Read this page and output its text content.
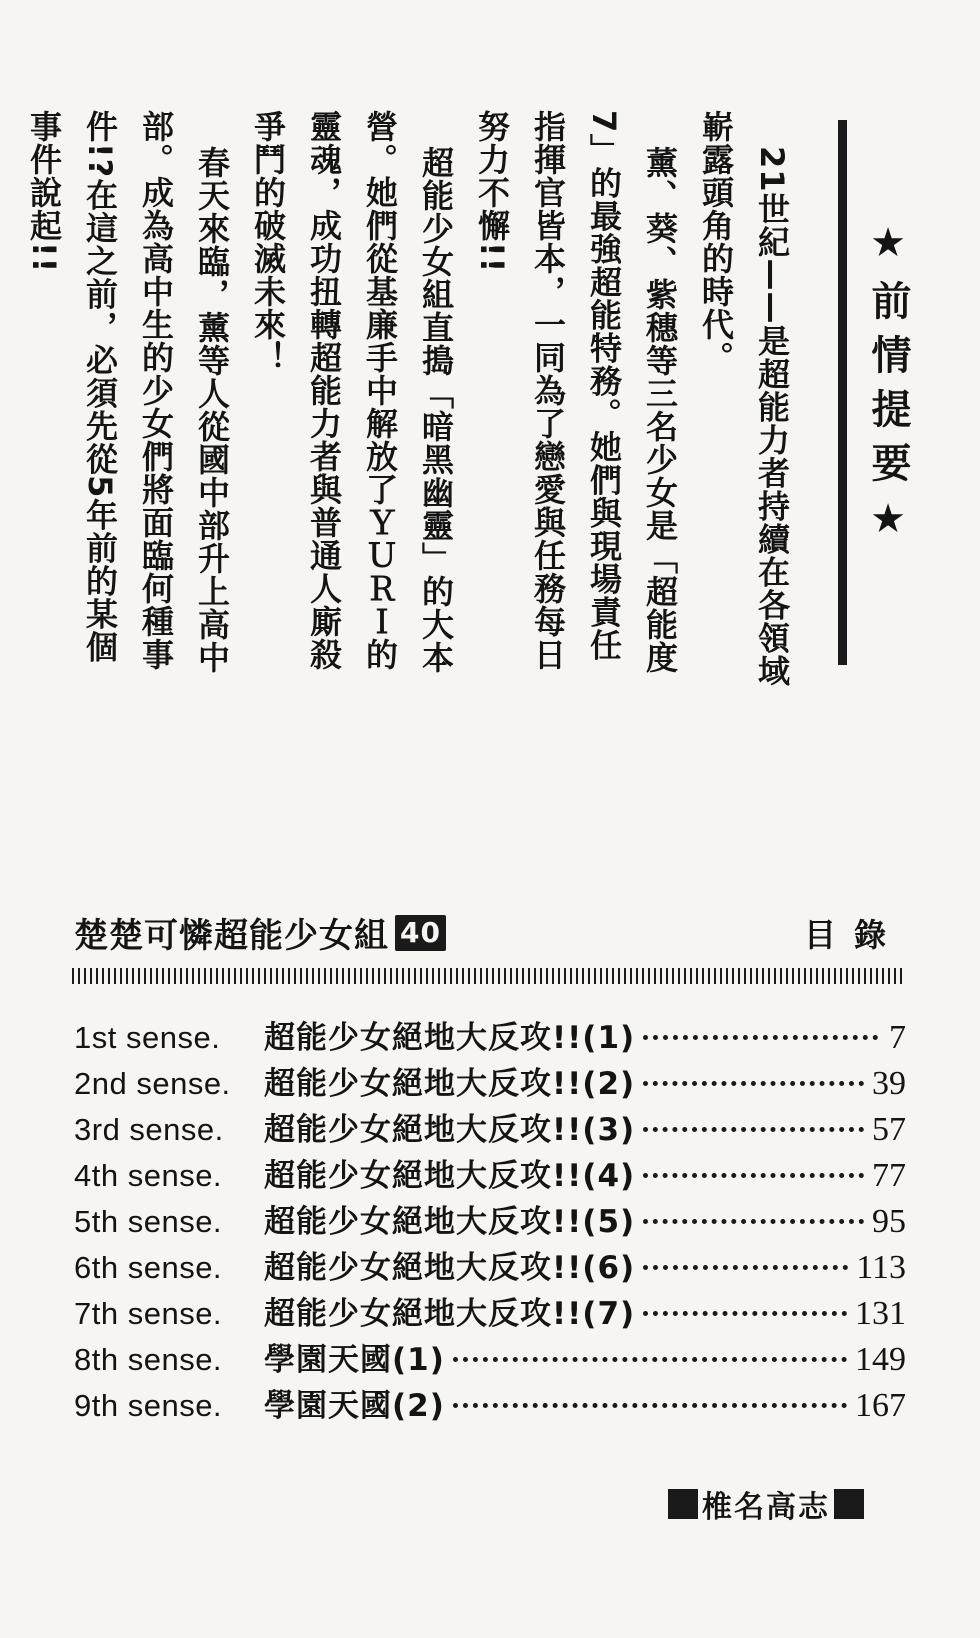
★前情提要★
21世紀——是超能力者持續在各領域
嶄露頭角的時代。
薰、葵、紫穗等三名少女是「超能度
7」的最強超能特務。她們與現場責任
指揮官皆本，一同為了戀愛與任務每日
努力不懈!!
超能少女組直搗「暗黑幽靈」的大本
營。她們從基廉手中解放了ＹＵＲＩ的
靈魂，成功扭轉超能力者與普通人廝殺
爭鬥的破滅未來！
春天來臨，薰等人從國中部升上高中
部。成為高中生的少女們將面臨何種事
件!?在這之前，必須先從5年前的某個
事件說起!!
楚楚可憐超能少女組 40	目錄
1st sense.	超能少女絕地大反攻!!(1)	7
2nd sense.	超能少女絕地大反攻!!(2)	39
3rd sense.	超能少女絕地大反攻!!(3)	57
4th sense.	超能少女絕地大反攻!!(4)	77
5th sense.	超能少女絕地大反攻!!(5)	95
6th sense.	超能少女絕地大反攻!!(6)	113
7th sense.	超能少女絕地大反攻!!(7)	131
8th sense.	學園天國(1)	149
9th sense.	學園天國(2)	167
椎名高志
